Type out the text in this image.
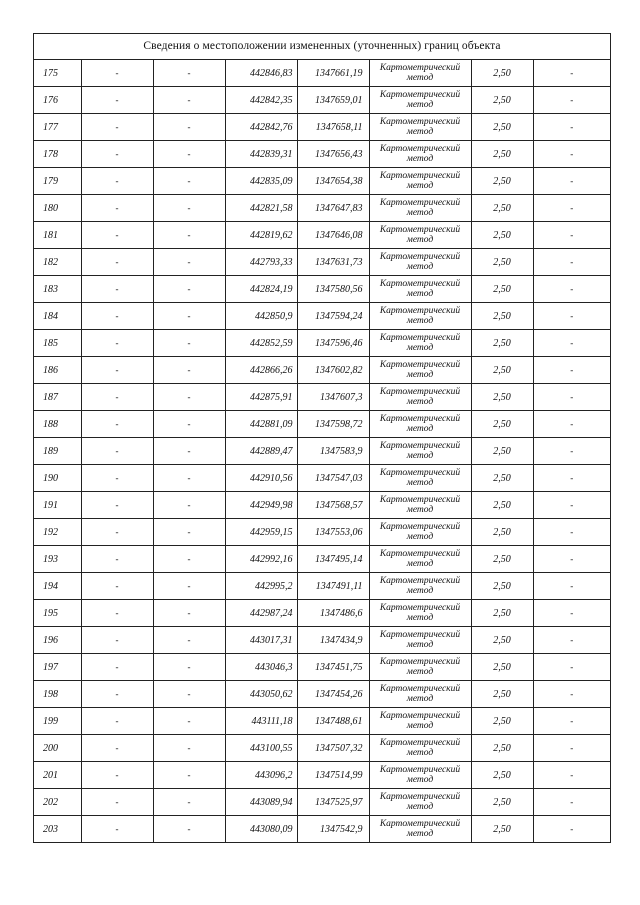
Сведения о местоположении измененных (уточненных) границ объекта
175	-	-	442846,83	1347661,19	Картометрический метод	2,50	-
176	-	-	442842,35	1347659,01	Картометрический метод	2,50	-
177	-	-	442842,76	1347658,11	Картометрический метод	2,50	-
178	-	-	442839,31	1347656,43	Картометрический метод	2,50	-
179	-	-	442835,09	1347654,38	Картометрический метод	2,50	-
180	-	-	442821,58	1347647,83	Картометрический метод	2,50	-
181	-	-	442819,62	1347646,08	Картометрический метод	2,50	-
182	-	-	442793,33	1347631,73	Картометрический метод	2,50	-
183	-	-	442824,19	1347580,56	Картометрический метод	2,50	-
184	-	-	442850,9	1347594,24	Картометрический метод	2,50	-
185	-	-	442852,59	1347596,46	Картометрический метод	2,50	-
186	-	-	442866,26	1347602,82	Картометрический метод	2,50	-
187	-	-	442875,91	1347607,3	Картометрический метод	2,50	-
188	-	-	442881,09	1347598,72	Картометрический метод	2,50	-
189	-	-	442889,47	1347583,9	Картометрический метод	2,50	-
190	-	-	442910,56	1347547,03	Картометрический метод	2,50	-
191	-	-	442949,98	1347568,57	Картометрический метод	2,50	-
192	-	-	442959,15	1347553,06	Картометрический метод	2,50	-
193	-	-	442992,16	1347495,14	Картометрический метод	2,50	-
194	-	-	442995,2	1347491,11	Картометрический метод	2,50	-
195	-	-	442987,24	1347486,6	Картометрический метод	2,50	-
196	-	-	443017,31	1347434,9	Картометрический метод	2,50	-
197	-	-	443046,3	1347451,75	Картометрический метод	2,50	-
198	-	-	443050,62	1347454,26	Картометрический метод	2,50	-
199	-	-	443111,18	1347488,61	Картометрический метод	2,50	-
200	-	-	443100,55	1347507,32	Картометрический метод	2,50	-
201	-	-	443096,2	1347514,99	Картометрический метод	2,50	-
202	-	-	443089,94	1347525,97	Картометрический метод	2,50	-
203	-	-	443080,09	1347542,9	Картометрический метод	2,50	-
